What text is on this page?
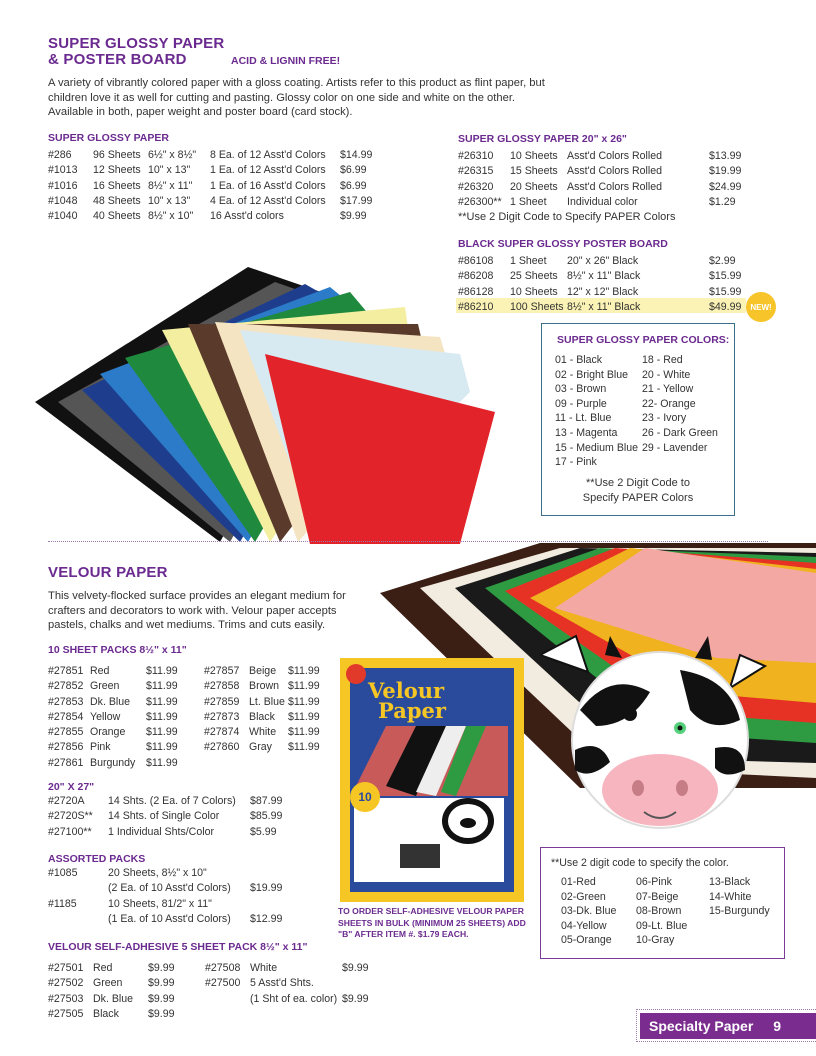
SUPER GLOSSY PAPER
& POSTER BOARD	ACID & LIGNIN FREE!
A variety of vibrantly colored paper with a gloss coating. Artists refer to this product as flint paper, but children love it as well for cutting and pasting. Glossy color on one side and white on the other. Available in both, paper weight and poster board (card stock).
SUPER GLOSSY PAPER
#286	96 Sheets	6½" x 8½"	8 Ea. of 12 Asst'd Colors	$14.99
#1013	12 Sheets	10" x 13"	1 Ea. of 12 Asst'd Colors	$6.99
#1016	16 Sheets	8½" x 11"	1 Ea. of 16 Asst'd Colors	$6.99
#1048	48 Sheets	10" x 13"	4 Ea. of 12 Asst'd Colors	$17.99
#1040	40 Sheets	8½" x 10"	16 Asst'd colors	$9.99
SUPER GLOSSY PAPER 20" x 26"
#26310	10 Sheets	Asst'd Colors Rolled	$13.99
#26315	15 Sheets	Asst'd Colors Rolled	$19.99
#26320	20 Sheets	Asst'd Colors Rolled	$24.99
#26300**	1 Sheet	Individual color	$1.29
**Use 2 Digit Code to Specify PAPER Colors
BLACK SUPER GLOSSY POSTER BOARD
#86108	1 Sheet	20" x 26" Black	$2.99
#86208	25 Sheets	8½" x 11" Black	$15.99
#86128	10 Sheets	12" x 12" Black	$15.99
#86210	100 Sheets	8½" x 11" Black	$49.99	NEW!
SUPER GLOSSY PAPER COLORS:
01 - Black
02 - Bright Blue
03 - Brown
09 - Purple
11 - Lt. Blue
13 - Magenta
15 - Medium Blue
17 - Pink
18 - Red
20 - White
21 - Yellow
22- Orange
23 - Ivory
26 - Dark Green
29 - Lavender
**Use 2 Digit Code to
Specify PAPER Colors
VELOUR PAPER
This velvety-flocked surface provides an elegant medium for crafters and decorators to work with. Velour paper accepts pastels, chalks and wet mediums. Trims and cuts easily.
10 SHEET PACKS 8½" x 11"
#27851	Red	$11.99
#27852	Green	$11.99
#27853	Dk. Blue	$11.99
#27854	Yellow	$11.99
#27855	Orange	$11.99
#27856	Pink	$11.99
#27861	Burgundy	$11.99
#27857	Beige	$11.99
#27858	Brown	$11.99
#27859	Lt. Blue	$11.99
#27873	Black	$11.99
#27874	White	$11.99
#27860	Gray	$11.99
20" X 27"
#2720A	14 Shts. (2 Ea. of 7 Colors)	$87.99
#2720S**	14 Shts. of Single Color	$85.99
#27100**	1 Individual Shts/Color	$5.99
ASSORTED PACKS
#1085	20 Sheets, 8½" x 10"	
	(2 Ea. of 10 Asst'd Colors)	$19.99
#1185	10 Sheets, 81/2" x 11"	
	(1 Ea. of 10 Asst'd Colors)	$12.99
VELOUR SELF-ADHESIVE 5 SHEET PACK 8½" x 11"
#27501	Red	$9.99
#27502	Green	$9.99
#27503	Dk. Blue	$9.99
#27505	Black	$9.99
#27508	White	$9.99
#27500	5 Asst'd Shts.	
	(1 Sht of ea. color)	$9.99
Velour
Paper
10
TO ORDER SELF-ADHESIVE VELOUR PAPER SHEETS IN BULK (MINIMUM 25 SHEETS) ADD "B" AFTER ITEM #. $1.79 EACH.
**Use 2 digit code to specify the color.
01-Red
02-Green
03-Dk. Blue
04-Yellow
05-Orange
06-Pink
07-Beige
08-Brown
09-Lt. Blue
10-Gray
13-Black
14-White
15-Burgundy
Specialty Paper 9
